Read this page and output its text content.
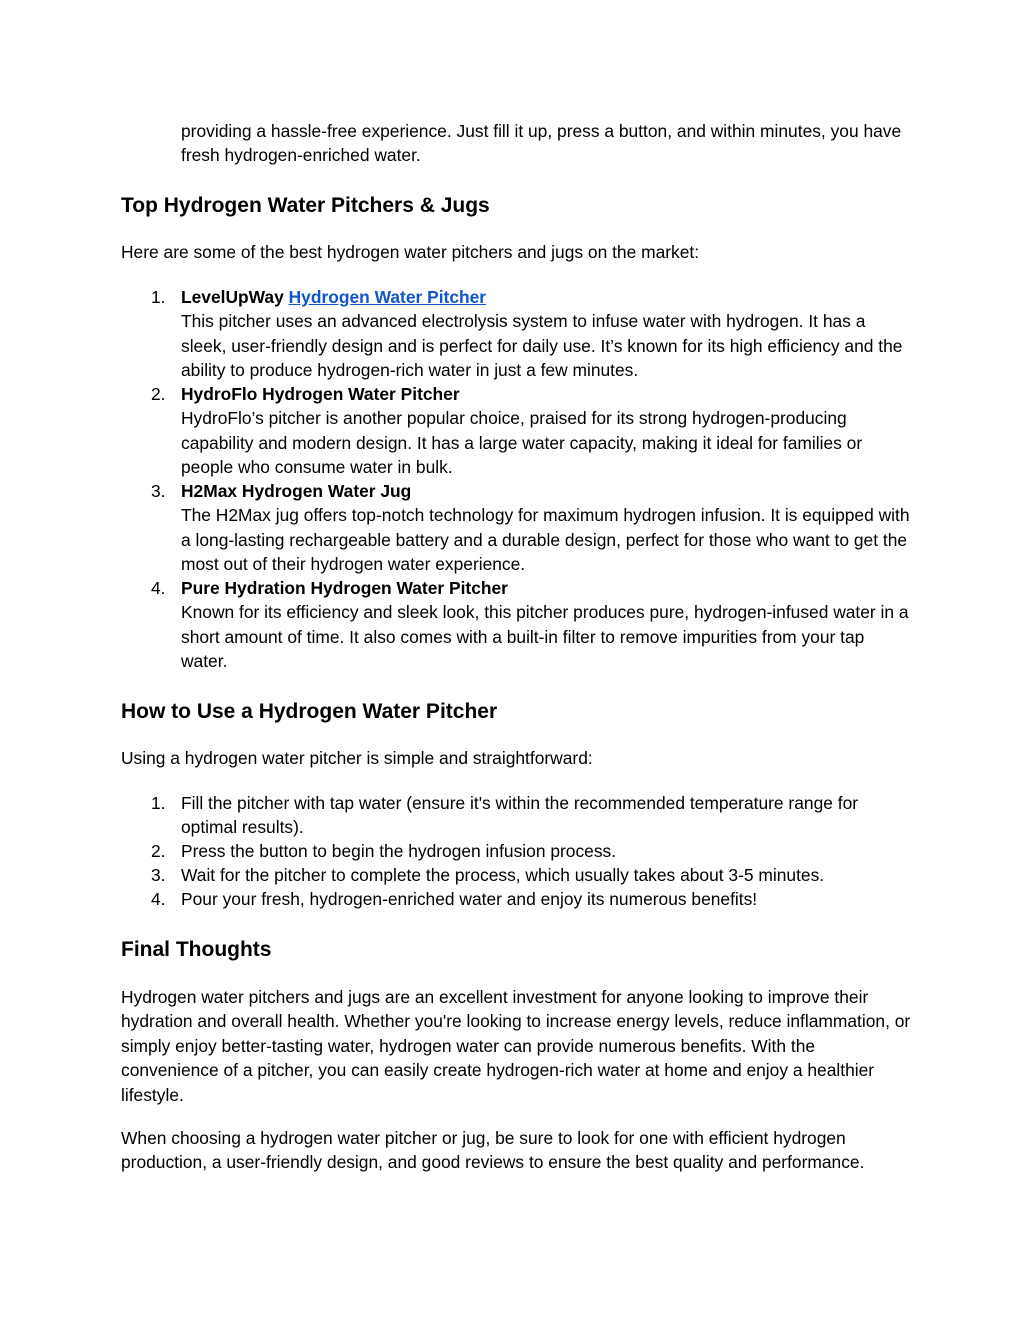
providing a hassle-free experience. Just fill it up, press a button, and within minutes, you have fresh hydrogen-enriched water.

Top Hydrogen Water Pitchers & Jugs

Here are some of the best hydrogen water pitchers and jugs on the market:

1. LevelUpWay Hydrogen Water Pitcher
This pitcher uses an advanced electrolysis system to infuse water with hydrogen. It has a sleek, user-friendly design and is perfect for daily use. It’s known for its high efficiency and the ability to produce hydrogen-rich water in just a few minutes.
2. HydroFlo Hydrogen Water Pitcher
HydroFlo’s pitcher is another popular choice, praised for its strong hydrogen-producing capability and modern design. It has a large water capacity, making it ideal for families or people who consume water in bulk.
3. H2Max Hydrogen Water Jug
The H2Max jug offers top-notch technology for maximum hydrogen infusion. It is equipped with a long-lasting rechargeable battery and a durable design, perfect for those who want to get the most out of their hydrogen water experience.
4. Pure Hydration Hydrogen Water Pitcher
Known for its efficiency and sleek look, this pitcher produces pure, hydrogen-infused water in a short amount of time. It also comes with a built-in filter to remove impurities from your tap water.
How to Use a Hydrogen Water Pitcher

Using a hydrogen water pitcher is simple and straightforward:

1. Fill the pitcher with tap water (ensure it's within the recommended temperature range for optimal results).
2. Press the button to begin the hydrogen infusion process.
3. Wait for the pitcher to complete the process, which usually takes about 3-5 minutes.
4. Pour your fresh, hydrogen-enriched water and enjoy its numerous benefits!
Final Thoughts

Hydrogen water pitchers and jugs are an excellent investment for anyone looking to improve their hydration and overall health. Whether you're looking to increase energy levels, reduce inflammation, or simply enjoy better-tasting water, hydrogen water can provide numerous benefits. With the convenience of a pitcher, you can easily create hydrogen-rich water at home and enjoy a healthier lifestyle.

When choosing a hydrogen water pitcher or jug, be sure to look for one with efficient hydrogen production, a user-friendly design, and good reviews to ensure the best quality and performance.
